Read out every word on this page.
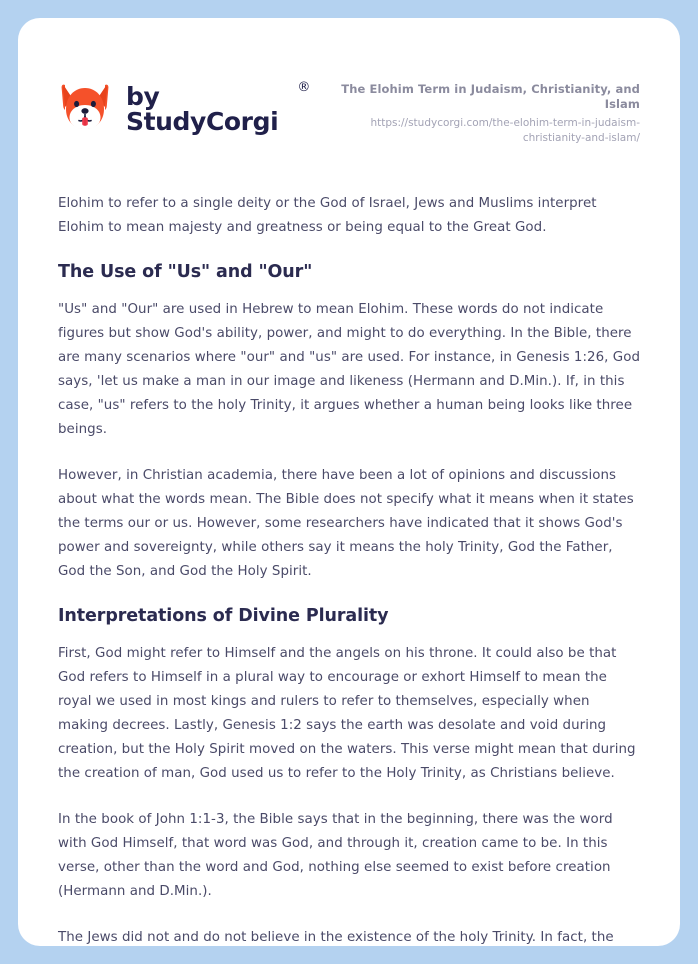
by StudyCorgi
®	The Elohim Term in Judaism, Christianity, and Islam
https://studycorgi.com/the-elohim-term-in-judaism-christianity-and-islam/

Elohim to refer to a single deity or the God of Israel, Jews and Muslims interpret Elohim to mean majesty and greatness or being equal to the Great God.

The Use of "Us" and "Our"

"Us" and "Our" are used in Hebrew to mean Elohim. These words do not indicate figures but show God's ability, power, and might to do everything. In the Bible, there are many scenarios where "our" and "us" are used. For instance, in Genesis 1:26, God says, 'let us make a man in our image and likeness (Hermann and D.Min.). If, in this case, "us" refers to the holy Trinity, it argues whether a human being looks like three beings.

However, in Christian academia, there have been a lot of opinions and discussions about what the words mean. The Bible does not specify what it means when it states the terms our or us. However, some researchers have indicated that it shows God's power and sovereignty, while others say it means the holy Trinity, God the Father, God the Son, and God the Holy Spirit.

Interpretations of Divine Plurality

First, God might refer to Himself and the angels on his throne. It could also be that God refers to Himself in a plural way to encourage or exhort Himself to mean the royal we used in most kings and rulers to refer to themselves, especially when making decrees. Lastly, Genesis 1:2 says the earth was desolate and void during creation, but the Holy Spirit moved on the waters. This verse might mean that during the creation of man, God used us to refer to the Holy Trinity, as Christians believe.

In the book of John 1:1-3, the Bible says that in the beginning, there was the word with God Himself, that word was God, and through it, creation came to be. In this verse, other than the word and God, nothing else seemed to exist before creation (Hermann and D.Min.).

The Jews did not and do not believe in the existence of the holy Trinity. In fact, the
